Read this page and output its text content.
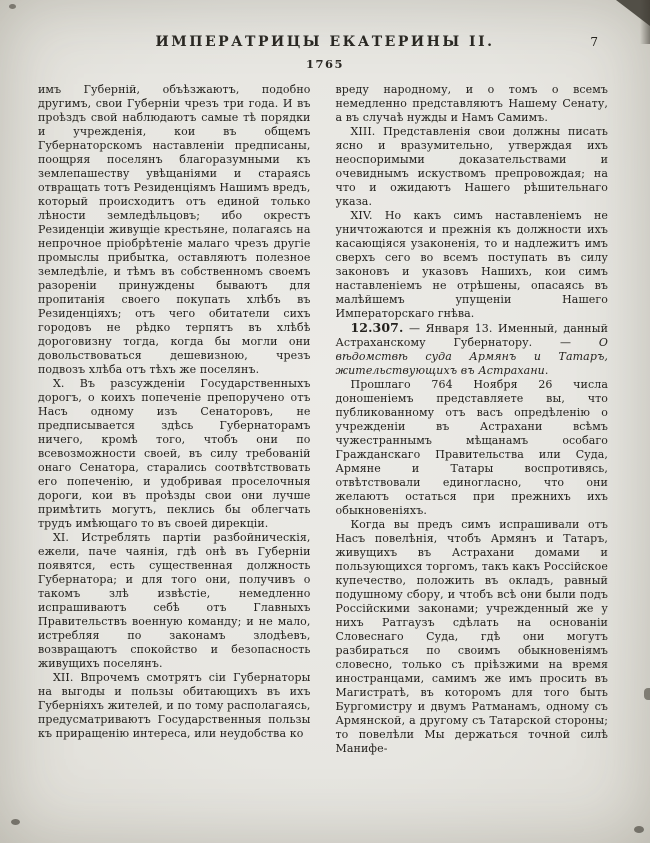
ИМПЕРАТРИЦЫ ЕКАТЕРИНЫ II.	7
1765

имъ Губерній, объѣзжаютъ, подобно другимъ, свои Губерніи чрезъ три года. И въ проѣздъ свой наблюдаютъ самые тѣ порядки и учрежденія, кои въ общемъ Губернаторскомъ наставленіи предписаны, поощряя поселянъ благоразумными къ землепашеству увѣщаніями и стараясь отвращать тотъ Резиденціямъ Нашимъ вредъ, который происходитъ отъ единой только лѣности земледѣльцовъ; ибо окрестъ Резиденціи живущіе крестьяне, полагаясь на непрочное пріобрѣтеніе малаго чрезъ другіе промыслы прибытка, оставляютъ полезное земледѣліе, и тѣмъ въ собственномъ своемъ разореніи принуждены бываютъ для пропитанія своего покупать хлѣбъ въ Резиденціяхъ; отъ чего обитатели сихъ городовъ не рѣдко терпятъ въ хлѣбѣ дороговизну тогда, когда бы могли они довольствоваться дешевизною, чрезъ подвозъ хлѣба отъ тѣхъ же поселянъ.

X. Въ разсужденіи Государственныхъ дорогъ, о коихъ попеченіе препоручено отъ Насъ одному изъ Сенаторовъ, не предписывается здѣсь Губернаторамъ ничего, кромѣ того, чтобъ они по всевозможности своей, въ силу требованій онаго Сенатора, старались соотвѣтствовать его попеченію, и удобривая проселочныя дороги, кои въ проѣзды свои они лучше примѣтить могутъ, пеклись бы облегчать трудъ имѣющаго то въ своей дирекціи.

XI. Истреблять партіи разбойническія, ежели, паче чаянія, гдѣ онѣ въ Губерніи появятся, есть существенная должность Губернатора; и для того они, получивъ о такомъ злѣ извѣстіе, немедленно испрашиваютъ себѣ отъ Главныхъ Правительствъ военную команду; и не мало, истребляя по законамъ злодѣевъ, возвращаютъ спокойство и безопасность живущихъ поселянъ.

XII. Впрочемъ смотрятъ сіи Губернаторы на выгоды и пользы обитающихъ въ ихъ Губерніяхъ жителей, и по тому располагаясь, предусматриваютъ Государственныя пользы къ приращенію интереса, или неудобства ко

вреду народному, и о томъ о всемъ немедленно представляютъ Нашему Сенату, а въ случаѣ нужды и Намъ Самимъ.

XIII. Представленія свои должны писать ясно и вразумительно, утверждая ихъ неоспоримыми доказательствами и очевиднымъ искуствомъ препровождая; на что и ожидаютъ Нашего рѣшительнаго указа.

XIV. Но какъ симъ наставленіемъ не уничтожаются и прежнія къ должности ихъ касающіяся узаконенія, то и надлежитъ имъ сверхъ сего во всемъ поступать въ силу законовъ и указовъ Нашихъ, кои симъ наставленіемъ не отрѣшены, опасаясь въ малѣйшемъ упущеніи Нашего Императорскаго гнѣва.

12.307. — Января 13. Именный, данный Астраханскому Губернатору. — О вѣдомствѣ суда Армянъ и Татаръ, жительствующихъ въ Астрахани.

Прошлаго 764 Ноября 26 числа доношеніемъ представляете вы, что публикованному отъ васъ опредѣленію о учрежденіи въ Астрахани всѣмъ чужестраннымъ мѣщанамъ особаго Гражданскаго Правительства или Суда, Армяне и Татары воспротивясь, отвѣтствовали единогласно, что они желаютъ остаться при прежнихъ ихъ обыкновеніяхъ.

Когда вы предъ симъ испрашивали отъ Насъ повелѣнія, чтобъ Армянъ и Татаръ, живущихъ въ Астрахани домами и пользующихся торгомъ, такъ какъ Россійское купечество, положить въ окладъ, равный подушному сбору, и чтобъ всѣ они были подъ Россійскими законами; учрежденный же у нихъ Ратгаузъ сдѣлать на основаніи Словеснаго Суда, гдѣ они могутъ разбираться по своимъ обыкновеніямъ словесно, только съ пріѣзжими на время иностранцами, самимъ же имъ просить въ Магистратѣ, въ которомъ для того быть Бургомистру и двумъ Ратманамъ, одному съ Армянской, а другому съ Татарской стороны; то повелѣли Мы держаться точной силѣ Манифе-
